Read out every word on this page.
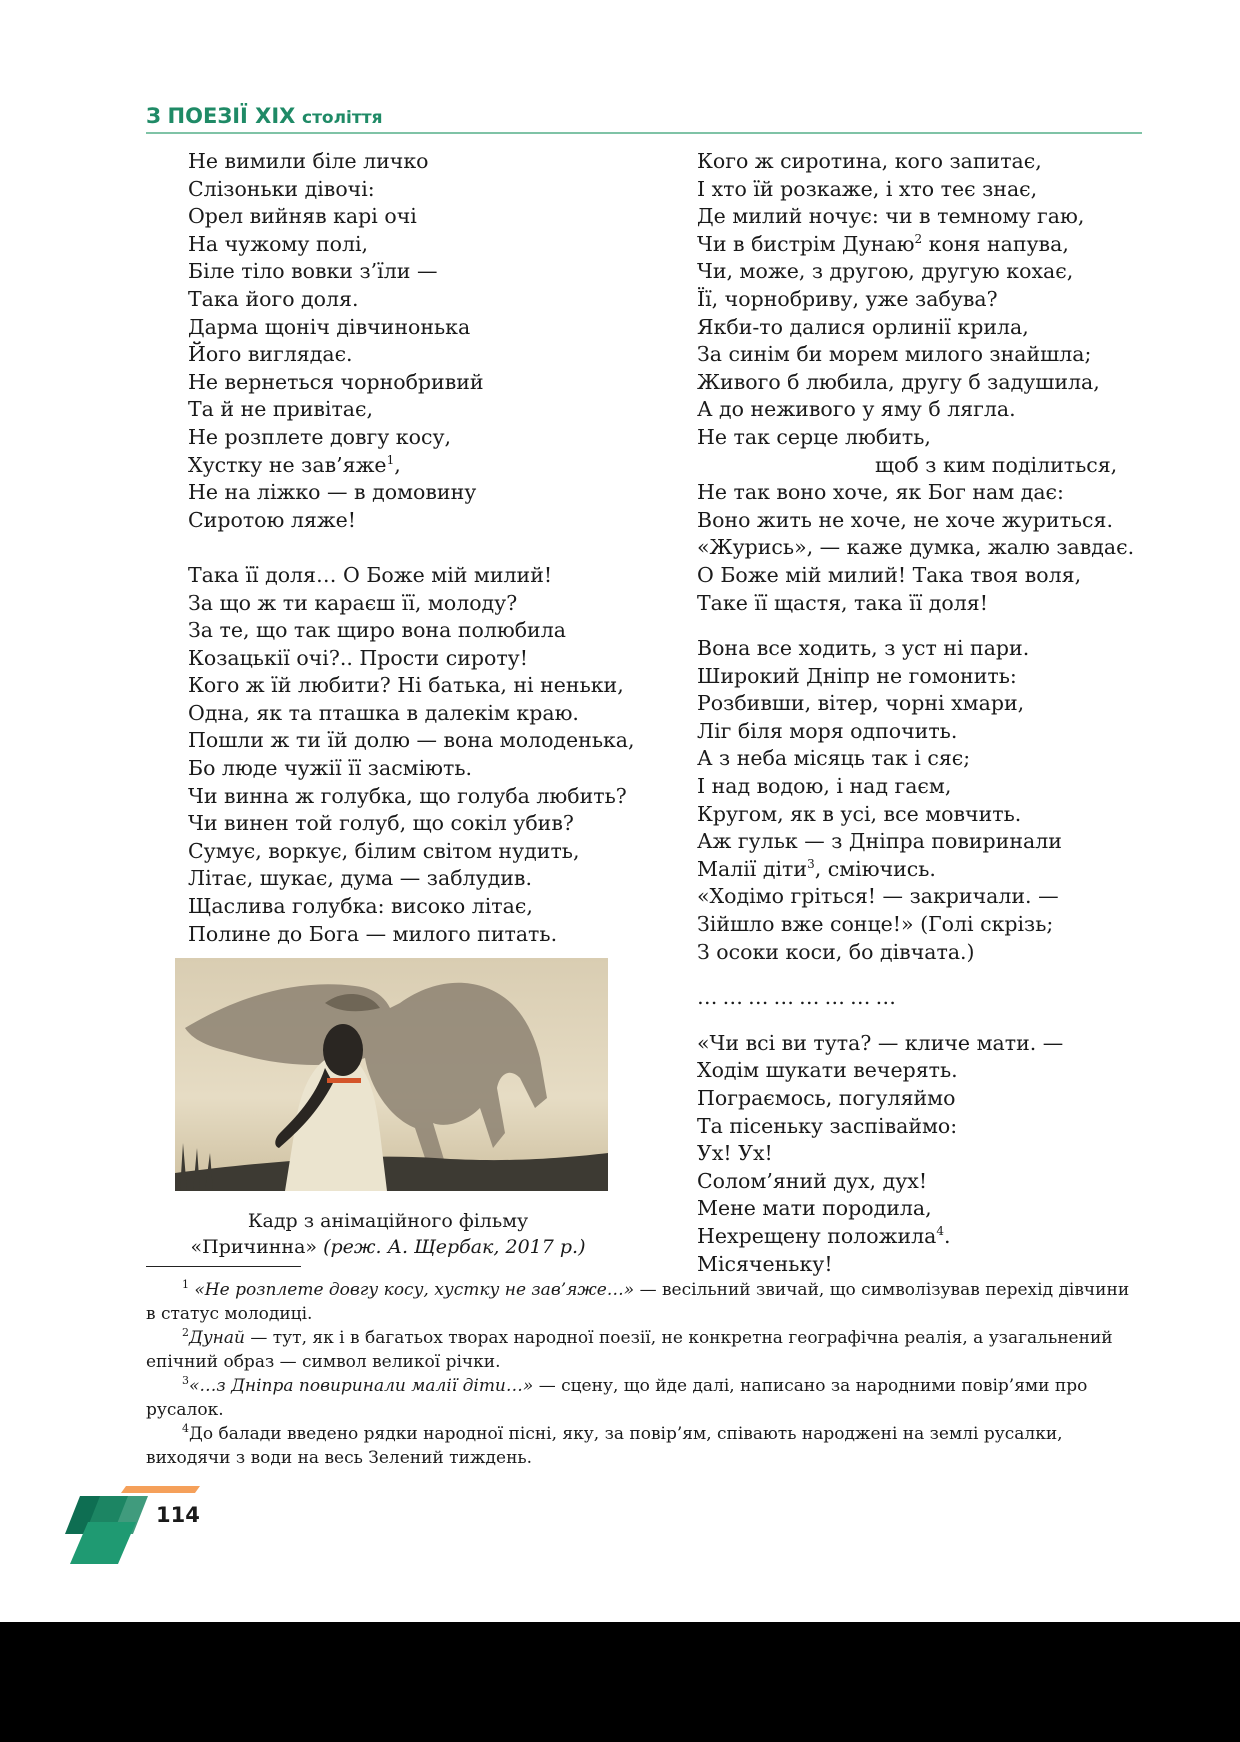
З ПОЕЗІЇ XIX століття
Не вимили біле личко
Слізоньки дівочі:
Орел вийняв карі очі
На чужому полі,
Біле тіло вовки з’їли —
Така його доля.
Дарма щоніч дівчинонька
Його виглядає.
Не вернеться чорнобривий
Та й не привітає,
Не розплете довгу косу,
Хустку не зав’яже$^1$,
Не на ліжко — в домовину
Сиротою ляже!
Така її доля… О Боже мій милий!
За що ж ти караєш її, молоду?
За те, що так щиро вона полюбила
Козацькії очі?.. Прости сироту!
Кого ж їй любити? Ні батька, ні неньки,
Одна, як та пташка в далекім краю.
Пошли ж ти їй долю — вона молоденька,
Бо люде чужії її засміють.
Чи винна ж голубка, що голуба любить?
Чи винен той голуб, що сокіл убив?
Сумує, воркує, білим світом нудить,
Літає, шукає, дума — заблудив.
Щаслива голубка: високо літає,
Полине до Бога — милого питать.
Кого ж сиротина, кого запитає,
І хто їй розкаже, і хто теє знає,
Де милий ночує: чи в темному гаю,
Чи в бистрім Дунаю$^2$ коня напува,
Чи, може, з другою, другую кохає,
Її, чорнобриву, уже забува?
Якби-то далися орлинії крила,
За синім би морем милого знайшла;
Живого б любила, другу б задушила,
А до неживого у яму б лягла.
Не так серце любить,
щоб з ким поділиться,
Не так воно хоче, як Бог нам дає:
Воно жить не хоче, не хоче журиться.
«Журись», — каже думка, жалю завдає.
О Боже мій милий! Така твоя воля,
Таке її щастя, така її доля!
Вона все ходить, з уст ні пари.
Широкий Дніпр не гомонить:
Розбивши, вітер, чорні хмари,
Ліг біля моря одпочить.
А з неба місяць так і сяє;
І над водою, і над гаєм,
Кругом, як в усі, все мовчить.
Аж гульк — з Дніпра повиринали
Малії діти$^3$, сміючись.
«Ходімо гріться! — закричали. —
Зійшло вже сонце!» (Голі скрізь;
З осоки коси, бо дівчата.)
……………………
«Чи всі ви тута? — кличе мати. —
Ходім шукати вечерять.
Пограємось, погуляймо
Та пісеньку заспіваймо:
Ух! Ух!
Солом’яний дух, дух!
Мене мати породила,
Нехрещену положила$^4$.
Місяченьку!
Кадр з анімаційного фільму
«Причинна» (реж. А. Щербак, 2017 р.)

$^1$ «Не розплете довгу косу, хустку не зав’яже…» — весільний звичай, що символізував перехід дівчини в статус молодиці.

$^2$Дунай — тут, як і в багатьох творах народної поезії, не конкретна географічна реалія, а узагальнений епічний образ — символ великої річки.

$^3$«…з Дніпра повиринали малії діти…» — сцену, що йде далі, написано за народними повір’ями про русалок.

$^4$До балади введено рядки народної пісні, яку, за повір’ям, співають народжені на землі русалки, виходячи з води на весь Зелений тиждень.

114
